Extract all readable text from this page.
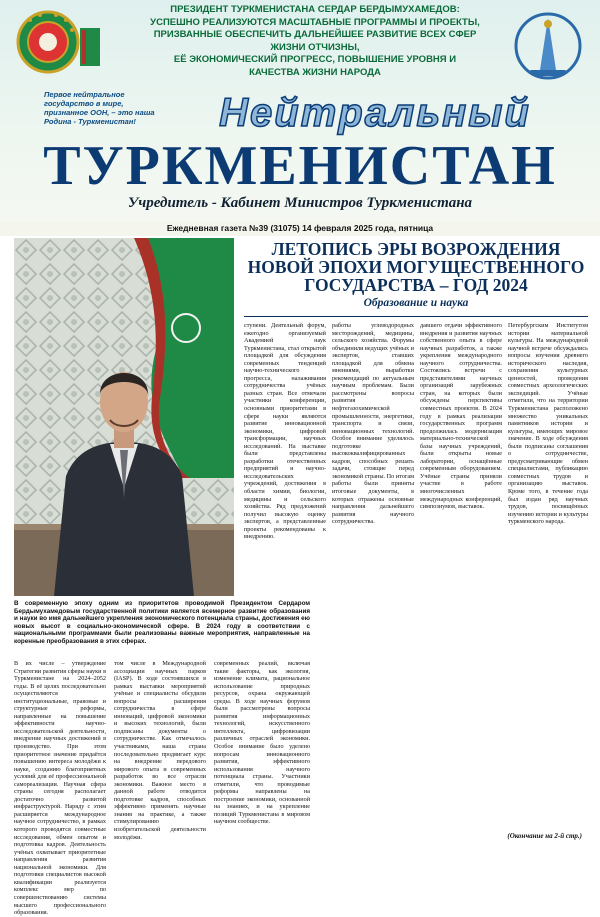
ПРЕЗИДЕНТ ТУРКМЕНИСТАНА СЕРДАР БЕРДЫМУХАМЕДОВ:
УСПЕШНО РЕАЛИЗУЮТСЯ МАСШТАБНЫЕ ПРОГРАММЫ И ПРОЕКТЫ,
ПРИЗВАННЫЕ ОБЕСПЕЧИТЬ ДАЛЬНЕЙШЕЕ РАЗВИТИЕ ВСЕХ СФЕР ЖИЗНИ ОТЧИЗНЫ,
ЕЁ ЭКОНОМИЧЕСКИЙ ПРОГРЕСС, ПОВЫШЕНИЕ УРОВНЯ И КАЧЕСТВА ЖИЗНИ НАРОДА
Первое нейтральное государство в мире, признанное ООН, – это наша Родина - Туркменистан!	Нейтральный
ТУРКМЕНИСТАН
Учредитель - Кабинет Министров Туркменистана
Ежедневная газета №39 (31075) 14 февраля 2025 года, пятница
ЛЕТОПИСЬ ЭРЫ ВОЗРОЖДЕНИЯ
НОВОЙ ЭПОХИ МОГУЩЕСТВЕННОГО
ГОСУДАРСТВА – ГОД 2024
Образование и наука
ступени. Деятельный форум, ежегодно организуемый Академией наук Туркменистана, стал открытой площадкой для обсуждения современных тенденций научно-технического прогресса, налаживания сотрудничества учёных разных стран. Все отмечали участники конференции, основными приоритетами в сфере науки являются развитие инновационной экономики, цифровой трансформации, научных исследований. На выставке были представлены разработки отечественных предприятий и научно-исследовательских учреждений, достижения в области химии, биологии, медицины и сельского хозяйства. Ряд предложений получил высокую оценку экспертов, а представленные проекты рекомендованы к внедрению.
работы углеводородных месторождений, медицины, сельского хозяйства. Форумы объединили ведущих учёных и экспертов, ставших площадкой для обмена мнениями, выработки рекомендаций по актуальным научным проблемам. Были рассмотрены вопросы развития нефтегазохимической промышленности, энергетики, транспорта и связи, инновационных технологий. Особое внимание уделялось подготовке высококвалифицированных кадров, способных решать задачи, стоящие перед экономикой страны. По итогам работы были приняты итоговые документы, в которых отражены основные направления дальнейшего развития научного сотрудничества.
давшего отдачи эффективного внедрения и развития научных собственного опыта в сфере научных разработок, а также укрепления международного научного сотрудничества. Состоялись встречи с представителями научных организаций зарубежных стран, на которых были обсуждены перспективы совместных проектов. В 2024 году в рамках реализации государственных программ продолжилась модернизация материально-технической базы научных учреждений, были открыты новые лаборатории, оснащённые современным оборудованием. Учёные страны приняли участие в работе многочисленных международных конференций, симпозиумов, выставок.
Петербургским Институтом истории материальной культуры. На международной научной встрече обсуждались вопросы изучения древнего исторического наследия, сохранения культурных ценностей, проведения совместных археологических экспедиций. Учёные отметили, что на территории Туркменистана расположено множество уникальных памятников истории и культуры, имеющих мировое значение. В ходе обсуждения были подписаны соглашения о сотрудничестве, предусматривающие обмен специалистами, публикацию совместных трудов и организацию выставок. Кроме того, в течение года был издан ряд научных трудов, посвящённых изучению истории и культуры туркменского народа.
В современную эпоху одним из приоритетов проводимой Президентом Сердаром Бердымухамедовым государственной политики является всемерное развитие образования и науки во имя дальнейшего укрепления экономического потенциала страны, достижения ею новых высот в социально-экономической сфере. В 2024 году в соответствии с национальными программами были реализованы важные мероприятия, направленные на коренные преобразования в этих сферах.
В их числе – утверждение Стратегии развития сферы науки в Туркменистане на 2024–2052 годы. В её целях последовательно осуществляются институциональные, правовые и структурные реформы, направленные на повышение эффективности научно-исследовательской деятельности, внедрение научных достижений в производство. При этом приоритетное значение придаётся повышению интереса молодёжи к науке, созданию благоприятных условий для её профессиональной самореализации. Научная сфера страны сегодня располагает достаточно развитой инфраструктурой. Наряду с этим расширяется международное научное сотрудничество, в рамках которого проводятся совместные исследования, обмен опытом и подготовка кадров. Деятельность учёных охватывает приоритетные направления развития национальной экономики. Для подготовки специалистов высокой квалификации реализуется комплекс мер по совершенствованию системы высшего профессионального образования.
том числе в Международной ассоциации научных парков (IASP). В ходе состоявшихся в рамках выставки мероприятий учёные и специалисты обсудили вопросы расширения сотрудничества в сфере инноваций, цифровой экономики и высоких технологий, были подписаны документы о сотрудничестве. Как отмечалось участниками, наша страна последовательно продвигает курс на внедрение передового мирового опыта и современных разработок во все отрасли экономики. Важное место в данной работе отводится подготовке кадров, способных эффективно применять научные знания на практике, а также стимулированию изобретательской деятельности молодёжи.
современных реалий, включая такие факторы, как экология, изменение климата, рациональное использование природных ресурсов, охрана окружающей среды. В ходе научных форумов были рассмотрены вопросы развития информационных технологий, искусственного интеллекта, цифровизации различных отраслей экономики. Особое внимание было уделено вопросам инновационного развития, эффективного использования научного потенциала страны. Участники отметили, что проводимые реформы направлены на построение экономики, основанной на знаниях, и на укрепление позиций Туркменистана в мировом научном сообществе.
(Окончание на 2-й стр.)
